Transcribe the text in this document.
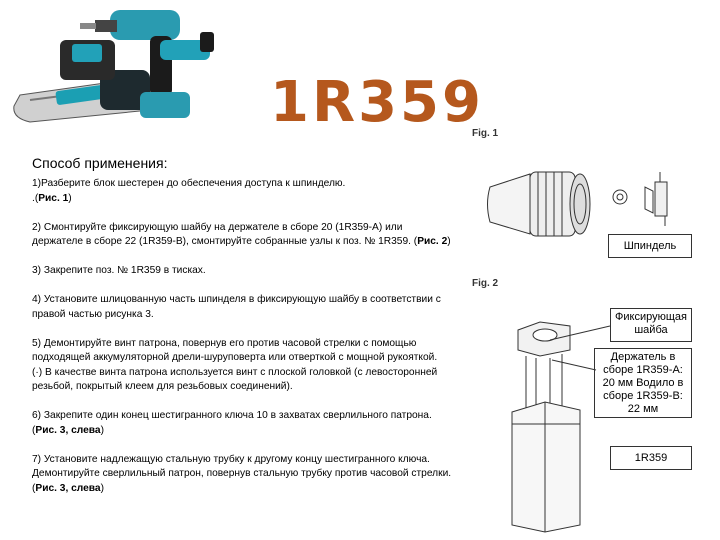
1R359
Способ применения:

1)Разберите блок шестерен до обеспечения доступа к шпинделю.

.(Рис. 1)

2) Смонтируйте фиксирующую шайбу на держателе в сборе 20 (1R359-A) или держателе в сборе 22 (1R359-B), смонтируйте собранные узлы к поз. № 1R359. (Рис. 2)

3) Закрепите поз. № 1R359 в тисках.

4) Установите шлицованную часть шпинделя в фиксирующую шайбу в соответствии с правой частью рисунка 3.

5) Демонтируйте винт патрона, повернув его против часовой стрелки с помощью подходящей аккумуляторной дрели-шуруповерта или отверткой с мощной рукояткой.

(·) В качестве винта патрона используется винт с плоской головкой (с левосторонней резьбой, покрытый клеем для резьбовых соединений).

6) Закрепите один конец шестигранного ключа 10 в захватах сверлильного патрона. (Рис. 3, слева)

7) Установите надлежащую стальную трубку к другому концу шестигранного ключа.

Демонтируйте сверлильный патрон, повернув стальную трубку против часовой стрелки. (Рис. 3, слева)

Fig. 1
Шпиндель
Fig. 2
Фиксирующая шайба
Держатель в сборе 1R359-A: 20 мм Водило в сборе 1R359-B: 22 мм
1R359
